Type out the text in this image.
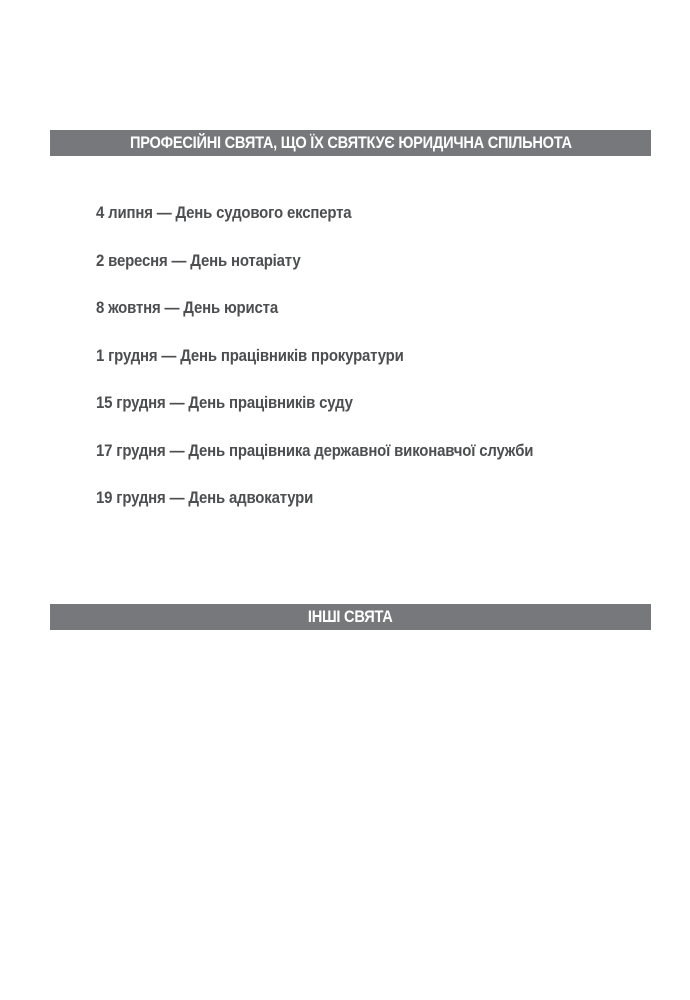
ПРОФЕСІЙНІ СВЯТА, ЩО ЇХ СВЯТКУЄ ЮРИДИЧНА СПІЛЬНОТА
4 липня — День судового експерта
2 вересня — День нотаріату
8 жовтня — День юриста
1 грудня — День працівників прокуратури
15 грудня — День працівників суду
17 грудня — День працівника державної виконавчої служби
19 грудня — День адвокатури
ІНШІ СВЯТА
